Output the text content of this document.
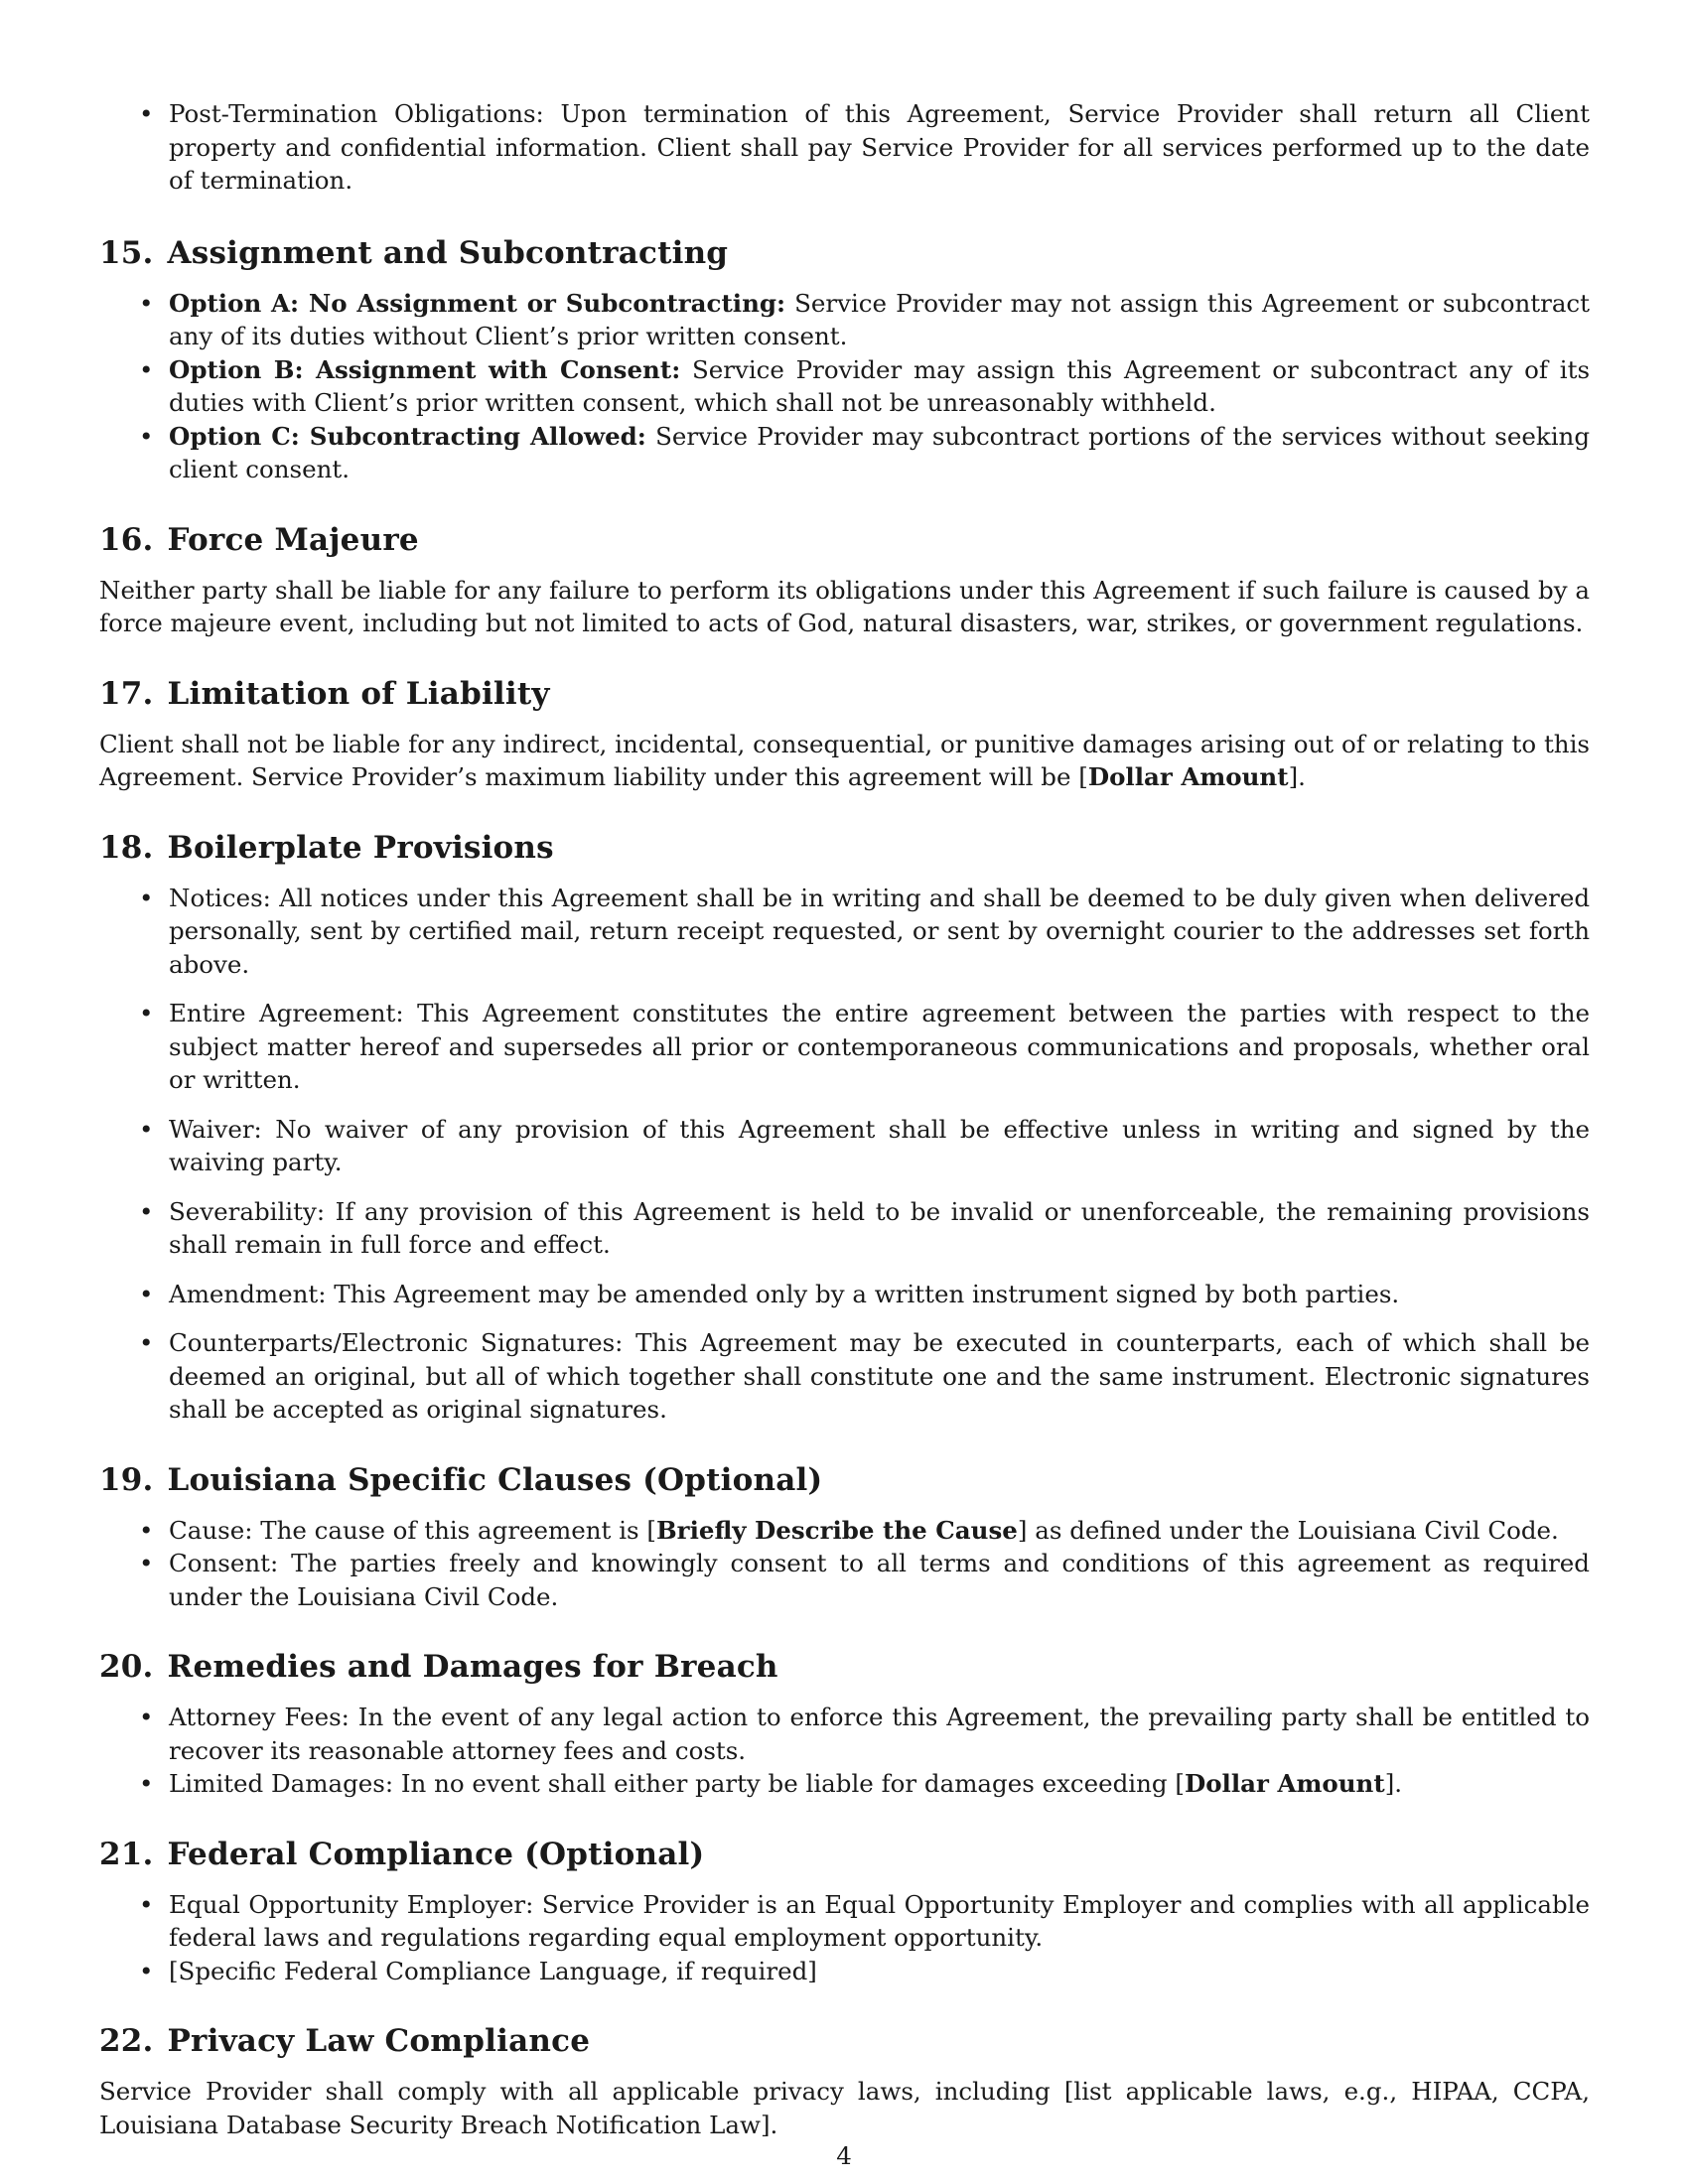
• Post-Termination Obligations: Upon termination of this Agreement, Service Provider shall return all Client property and confidential information. Client shall pay Service Provider for all services performed up to the date of termination.
15. Assignment and Subcontracting
• Option A: No Assignment or Subcontracting: Service Provider may not assign this Agreement or subcontract any of its duties without Client’s prior written consent.
• Option B: Assignment with Consent: Service Provider may assign this Agreement or subcontract any of its duties with Client’s prior written consent, which shall not be unreasonably withheld.
• Option C: Subcontracting Allowed: Service Provider may subcontract portions of the services without seeking client consent.
16. Force Majeure

Neither party shall be liable for any failure to perform its obligations under this Agreement if such failure is caused by a force majeure event, including but not limited to acts of God, natural disasters, war, strikes, or government regulations.

17. Limitation of Liability

Client shall not be liable for any indirect, incidental, consequential, or punitive damages arising out of or relating to this Agreement. Service Provider’s maximum liability under this agreement will be [Dollar Amount].

18. Boilerplate Provisions
• Notices: All notices under this Agreement shall be in writing and shall be deemed to be duly given when delivered personally, sent by certified mail, return receipt requested, or sent by overnight courier to the addresses set forth above.
• Entire Agreement: This Agreement constitutes the entire agreement between the parties with respect to the subject matter hereof and supersedes all prior or contemporaneous communications and proposals, whether oral or written.
• Waiver: No waiver of any provision of this Agreement shall be effective unless in writing and signed by the waiving party.
• Severability: If any provision of this Agreement is held to be invalid or unenforceable, the remaining provisions shall remain in full force and effect.
• Amendment: This Agreement may be amended only by a written instrument signed by both parties.
• Counterparts/Electronic Signatures: This Agreement may be executed in counterparts, each of which shall be deemed an original, but all of which together shall constitute one and the same instrument. Electronic signatures shall be accepted as original signatures.
19. Louisiana Specific Clauses (Optional)
• Cause: The cause of this agreement is [Briefly Describe the Cause] as defined under the Louisiana Civil Code.
• Consent: The parties freely and knowingly consent to all terms and conditions of this agreement as required under the Louisiana Civil Code.
20. Remedies and Damages for Breach
• Attorney Fees: In the event of any legal action to enforce this Agreement, the prevailing party shall be entitled to recover its reasonable attorney fees and costs.
• Limited Damages: In no event shall either party be liable for damages exceeding [Dollar Amount].
21. Federal Compliance (Optional)
• Equal Opportunity Employer: Service Provider is an Equal Opportunity Employer and complies with all applicable federal laws and regulations regarding equal employment opportunity.
• [Specific Federal Compliance Language, if required]
22. Privacy Law Compliance

Service Provider shall comply with all applicable privacy laws, including [list applicable laws, e.g., HIPAA, CCPA, Louisiana Database Security Breach Notification Law].

4
